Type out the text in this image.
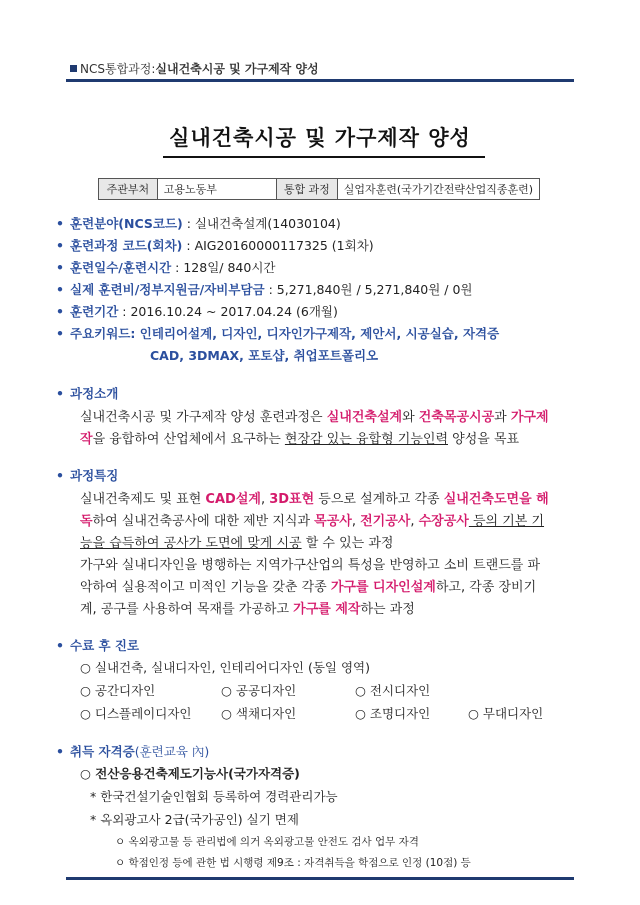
NCS통합과정:실내건축시공 및 가구제작 양성
실내건축시공 및 가구제작 양성
주관부처	고용노동부	통합 과정	실업자훈련(국가기간전략산업직종훈련)
• 훈련분야(NCS코드) : 실내건축설계(14030104)
• 훈련과정 코드(회차) : AIG20160000117325 (1회차)
• 훈련일수/훈련시간 : 128일/ 840시간
• 실제 훈련비/정부지원금/자비부담금 : 5,271,840원 / 5,271,840원 / 0원
• 훈련기간 : 2016.10.24 ~ 2017.04.24 (6개월)
• 주요키워드: 인테리어설계, 디자인, 디자인가구제작, 제안서, 시공실습, 자격증
CAD, 3DMAX, 포토샵, 취업포트폴리오
• 과정소개
실내건축시공 및 가구제작 양성 훈련과정은 실내건축설계와 건축목공시공과 가구제
작을 융합하여 산업체에서 요구하는 현장감 있는 융합형 기능인력 양성을 목표
• 과정특징
실내건축제도 및 표현 CAD설계, 3D표현 등으로 설계하고 각종 실내건축도면을 해
독하여 실내건축공사에 대한 제반 지식과 목공사, 전기공사, 수장공사 등의 기본 기
능을 습득하여 공사가 도면에 맞게 시공 할 수 있는 과정
가구와 실내디자인을 병행하는 지역가구산업의 특성을 반영하고 소비 트랜드를 파
악하여 실용적이고 미적인 기능을 갖춘 각종 가구를 디자인설계하고, 각종 장비기
계, 공구를 사용하여 목재를 가공하고 가구를 제작하는 과정
• 수료 후 진로
○ 실내건축, 실내디자인, 인테리어디자인 (동일 영역)
○ 공간디자인	○ 공공디자인	○ 전시디자인
○ 디스플레이디자인 ○ 색채디자인	○ 조명디자인	○ 무대디자인
• 취득 자격증(훈련교육 內)
○ 전산응용건축제도기능사(국가자격증)
* 한국건설기술인협회 등록하여 경력관리가능
* 옥외광고사 2급(국가공인) 실기 면제
ㅇ 옥외광고물 등 관리법에 의거 옥외광고물 안전도 검사 업무 자격
ㅇ 학점인정 등에 관한 법 시행령 제9조 : 자격취득을 학점으로 인정 (10점) 등
